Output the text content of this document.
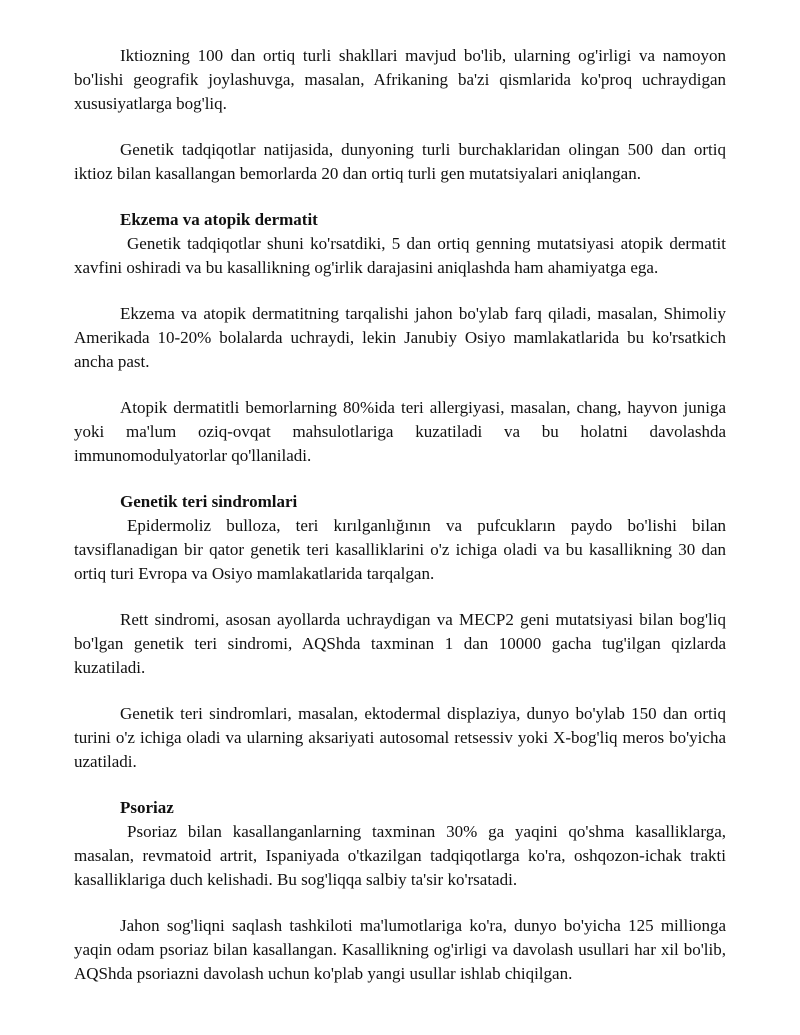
Iktiozning 100 dan ortiq turli shakllari mavjud bo'lib, ularning og'irligi va namoyon bo'lishi geografik joylashuvga, masalan, Afrikaning ba'zi qismlarida ko'proq uchraydigan xususiyatlarga bog'liq.

Genetik tadqiqotlar natijasida, dunyoning turli burchaklaridan olingan 500 dan ortiq iktioz bilan kasallangan bemorlarda 20 dan ortiq turli gen mutatsiyalari aniqlangan.

Ekzema va atopik dermatit

Genetik tadqiqotlar shuni ko'rsatdiki, 5 dan ortiq genning mutatsiyasi atopik dermatit xavfini oshiradi va bu kasallikning og'irlik darajasini aniqlashda ham ahamiyatga ega.

Ekzema va atopik dermatitning tarqalishi jahon bo'ylab farq qiladi, masalan, Shimoliy Amerikada 10-20% bolalarda uchraydi, lekin Janubiy Osiyo mamlakatlarida bu ko'rsatkich ancha past.

Atopik dermatitli bemorlarning 80%ida teri allergiyasi, masalan, chang, hayvon juniga yoki ma'lum oziq-ovqat mahsulotlariga kuzatiladi va bu holatni davolashda immunomodulyatorlar qo'llaniladi.

Genetik teri sindromlari

Epidermoliz bulloza, teri kırılganlığının va pufcukların paydo bo'lishi bilan tavsiflanadigan bir qator genetik teri kasalliklarini o'z ichiga oladi va bu kasallikning 30 dan ortiq turi Evropa va Osiyo mamlakatlarida tarqalgan.

Rett sindromi, asosan ayollarda uchraydigan va MECP2 geni mutatsiyasi bilan bog'liq bo'lgan genetik teri sindromi, AQShda taxminan 1 dan 10000 gacha tug'ilgan qizlarda kuzatiladi.

Genetik teri sindromlari, masalan, ektodermal displaziya, dunyo bo'ylab 150 dan ortiq turini o'z ichiga oladi va ularning aksariyati autosomal retsessiv yoki X-bog'liq meros bo'yicha uzatiladi.

Psoriaz

Psoriaz bilan kasallanganlarning taxminan 30% ga yaqini qo'shma kasalliklarga, masalan, revmatoid artrit, Ispaniyada o'tkazilgan tadqiqotlarga ko'ra, oshqozon-ichak trakti kasalliklariga duch kelishadi. Bu sog'liqqa salbiy ta'sir ko'rsatadi.

Jahon sog'liqni saqlash tashkiloti ma'lumotlariga ko'ra, dunyo bo'yicha 125 millionga yaqin odam psoriaz bilan kasallangan. Kasallikning og'irligi va davolash usullari har xil bo'lib, AQShda psoriazni davolash uchun ko'plab yangi usullar ishlab chiqilgan.
